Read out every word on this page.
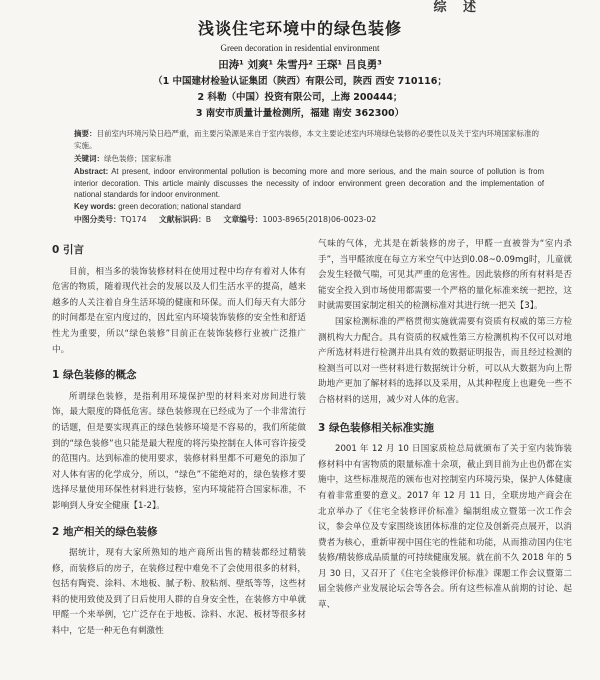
综 述
浅谈住宅环境中的绿色装修
Green decoration in residential environment
田涛¹ 刘爽¹ 朱雪丹² 王琛¹ 吕良勇³
（1 中国建材检验认证集团（陕西）有限公司，陕西 西安 710116；
2 科勒（中国）投资有限公司，上海 200444；
3 南安市质量计量检测所，福建 南安 362300）
摘要：目前室内环境污染日趋严重，而主要污染源是来自于室内装修，本文主要论述室内环境绿色装修的必要性以及关于室内环境国家标准的实施。
关键词：绿色装修；国家标准
Abstract: At present, indoor environmental pollution is becoming more and more serious, and the main source of pollution is from interior decoration. This article mainly discusses the necessity of indoor environment green decoration and the implementation of national standards for indoor environment.
Key words: green decoration; national standard
中图分类号：TQ174 文献标识码：B 文章编号：1003-8965(2018)06-0023-02
0 引言

目前，相当多的装饰装修材料在使用过程中均存有着对人体有危害的物质，随着现代社会的发展以及人们生活水平的提高，越来越多的人关注着自身生活环境的健康和环保。而人们每天有大部分的时间都是在室内度过的，因此室内环境装饰装修的安全性和舒适性尤为重要，所以“绿色装修”目前正在装饰装修行业被广泛推广中。

1 绿色装修的概念

所谓绿色装修，是指利用环境保护型的材料来对房间进行装饰，最大限度的降低危害。绿色装修现在已经成为了一个非常流行的话题，但是要实现真正的绿色装修环境是不容易的，我们所能做到的“绿色装修”也只能是最大程度的将污染控制在人体可容许接受的范围内。达到标准的使用要求，装修材料里都不可避免的添加了对人体有害的化学成分，所以，“绿色”不能绝对的，绿色装修才要选择尽量使用环保性材料进行装修，室内环境能符合国家标准，不影响到人身安全健康【1-2】。

2 地产相关的绿色装修

据统计，现有大家所熟知的地产商所出售的精装都经过精装修，而装修后的房子，在装修过程中难免不了会使用很多的材料，包括有陶瓷、涂料、木地板、腻子粉、胶粘剂、壁纸等等，这些材料的使用致使及到了日后使用人群的自身安全性，在装修方中单就甲醛一个来举例，它广泛存在于地板、涂料、水泥、板材等很多材料中，它是一种无色有刺激性

气味的气体，尤其是在新装修的房子，甲醛一直被誉为“室内杀手”，当甲醛浓度在每立方米空气中达到0.08~0.09mg时，儿童就会发生轻微气喘，可见其严重的危害性。因此装修的所有材料是否能安全投入到市场使用都需要一个严格的量化标准来统一把控，这时就需要国家制定相关的检测标准对其进行统一把关【3】。

国家检测标准的严格贯彻实施就需要有资质有权威的第三方检测机构大力配合。具有资质的权威性第三方检测机构不仅可以对地产所选材料进行检测并出具有效的数据证明报告，而且经过检测的检测当可以对一些材料进行数据统计分析，可以从大数据为向上帮助地产更加了解材料的选择以及采用，从其种程度上也避免一些不合格材料的送用，减少对人体的危害。

3 绿色装修相关标准实施

2001 年 12 月 10 日国家质检总局就颁布了关于室内装饰装修材料中有害物质的限量标准十余项，截止到目前为止也仍都在实施中，这些标准规范的颁布也对控制室内环境污染，保护人体健康有着非常重要的意义。2017 年 12 月 11 日，全联房地产商会在北京举办了《住宅全装修评价标准》编制组成立暨第一次工作会议，参会单位及专家围绕该团体标准的定位及创新亮点展开，以消费者为核心，重新审视中国住宅的性能和功能，从而推动国内住宅装修/精装修成品质量的可持续健康发展。就在前不久 2018 年的 5 月 30 日，又召开了《住宅全装修评价标准》课题工作会议暨第二届全装修产业发展论坛会等各会。所有这些标准从前期的讨论、起草、
